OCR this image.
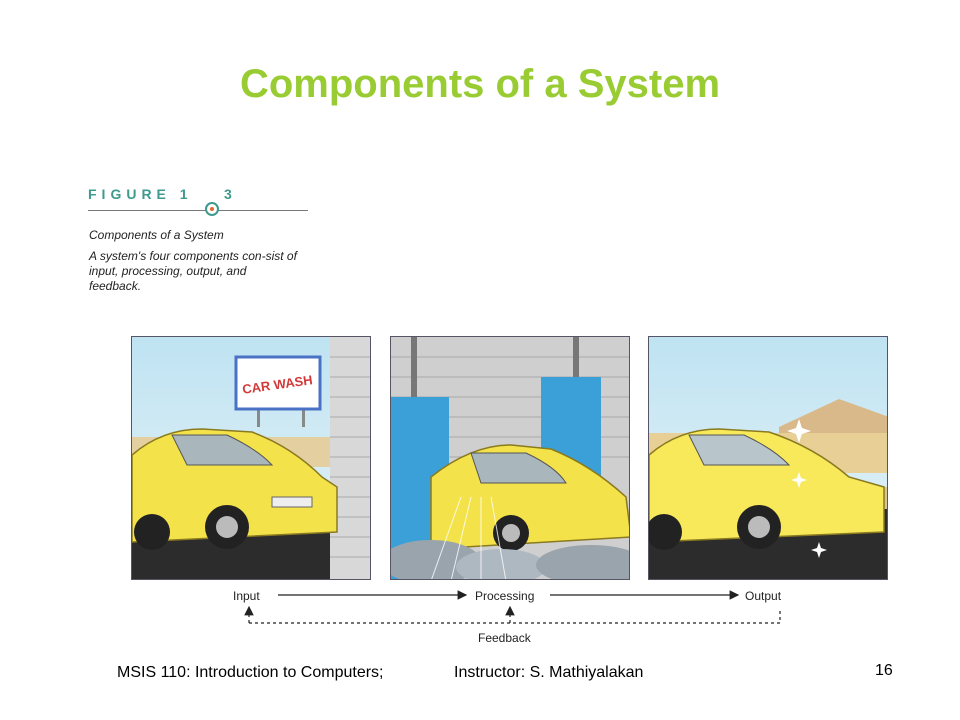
Components of a System
FIGURE 1 3
Components of a System
A system's four components con-sist of input, processing, output, and feedback.
CAR WASH
Input	Processing	Output
Feedback
MSIS 110: Introduction to Computers;	Instructor: S. Mathiyalakan	16
